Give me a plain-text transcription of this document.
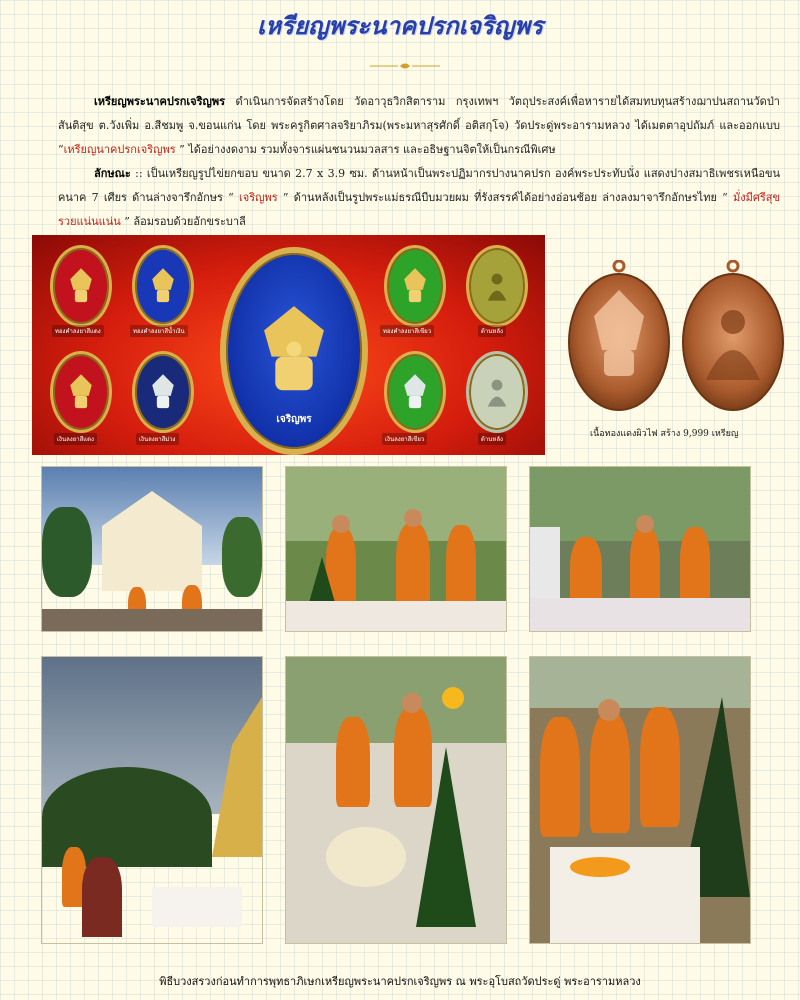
เหรียญพระนาคปรกเจริญพร

เหรียญพระนาคปรกเจริญพร ดำเนินการจัดสร้างโดย วัดอาวุธวิกสิตาราม กรุงเทพฯ วัตถุประสงค์เพื่อหารายได้สมทบทุนสร้างฌาปนสถานวัดป่าสันติสุข ต.วังเพิ่ม อ.สีชมพู จ.ขอนแก่น โดย พระครูกิตศาลจริยาภิรม(พระมหาสุรศักดิ์ อติสกุโจ) วัดประดู่พระอารามหลวง ได้เมตตาอุปถัมภ์ และออกแบบ “เหรียญนาคปรกเจริญพร ” ได้อย่างงดงาม รวมทั้งจารแผ่นชนวนมวลสาร และอธิษฐานจิตให้เป็นกรณีพิเศษ

ลักษณะ :: เป็นเหรียญรูปไข่ยกขอบ ขนาด 2.7 x 3.9 ซม. ด้านหน้าเป็นพระปฏิมากรปางนาคปรก องค์พระประทับนั่ง แสดงปางสมาธิเพชรเหนือขนคนาค 7 เศียร ด้านล่างจารึกอักษร “ เจริญพร ” ด้านหลังเป็นรูปพระแม่ธรณีบีบมวยผม ที่รังสรรค์ได้อย่างอ่อนช้อย ล่างลงมาจารึกอักษรไทย “ มั่งมีศรีสุข รวยแน่นแน่น ” ล้อมรอบด้วยอักขระบาลี

ทองคำลงยาสีแดง	ทองคำลงยาสีน้ำเงิน
เงินลงยาสีแดง	เงินลงยาสีม่วง
เจริญพร
ทองคำลงยาสีเขียว	ด้านหลัง
เงินลงยาสีเขียว	ด้านหลัง
เนื้อทองแดงผิวไฟ สร้าง 9,999 เหรียญ
พิธีบวงสรวงก่อนทำการพุทธาภิเษกเหรียญพระนาคปรกเจริญพร ณ พระอุโบสถวัดประดู่ พระอารามหลวง
